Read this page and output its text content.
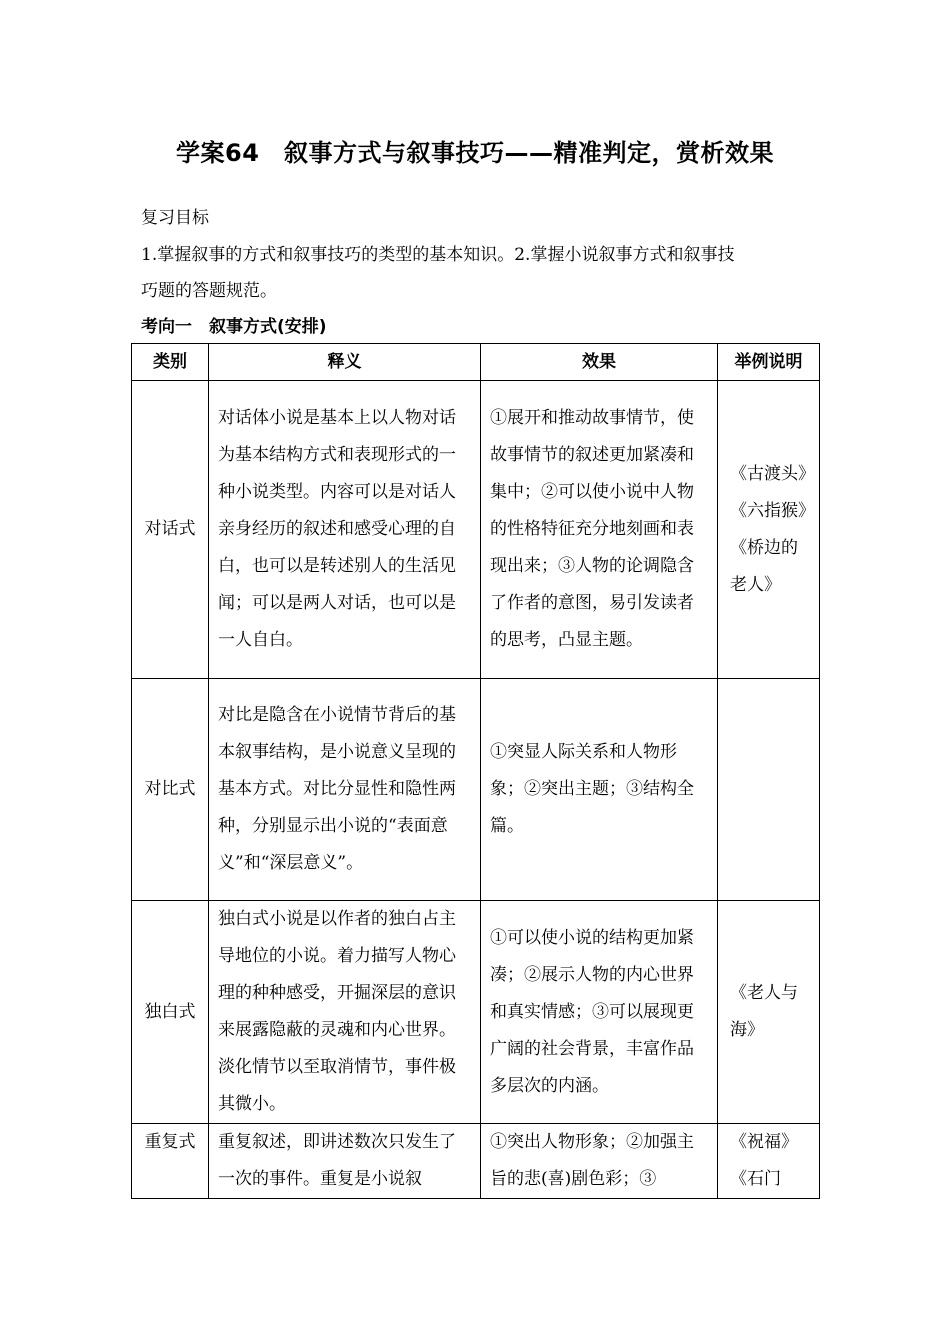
学案64　叙事方式与叙事技巧——精准判定，赏析效果
复习目标
1.掌握叙事的方式和叙事技巧的类型的基本知识。2.掌握小说叙事方式和叙事技
巧题的答题规范。
考向一　叙事方式(安排)
类别	释义	效果	举例说明
对话式	对话体小说是基本上以人物对话为基本结构方式和表现形式的一种小说类型。内容可以是对话人亲身经历的叙述和感受心理的自白，也可以是转述别人的生活见闻；可以是两人对话，也可以是一人自白。	①展开和推动故事情节，使故事情节的叙述更加紧凑和集中；②可以使小说中人物的性格特征充分地刻画和表现出来；③人物的论调隐含了作者的意图，易引发读者的思考，凸显主题。	《古渡头》《六指猴》《桥边的老人》
对比式	对比是隐含在小说情节背后的基本叙事结构，是小说意义呈现的基本方式。对比分显性和隐性两种，分别显示出小说的“表面意义”和“深层意义”。	①突显人际关系和人物形象；②突出主题；③结构全篇。	
独白式	独白式小说是以作者的独白占主导地位的小说。着力描写人物心理的种种感受，开掘深层的意识来展露隐蔽的灵魂和内心世界。淡化情节以至取消情节，事件极其微小。	①可以使小说的结构更加紧凑；②展示人物的内心世界和真实情感；③可以展现更广阔的社会背景，丰富作品多层次的内涵。	《老人与海》
重复式	重复叙述，即讲述数次只发生了一次的事件。重复是小说叙	①突出人物形象；②加强主旨的悲(喜)剧色彩；③	《祝福》《石门
